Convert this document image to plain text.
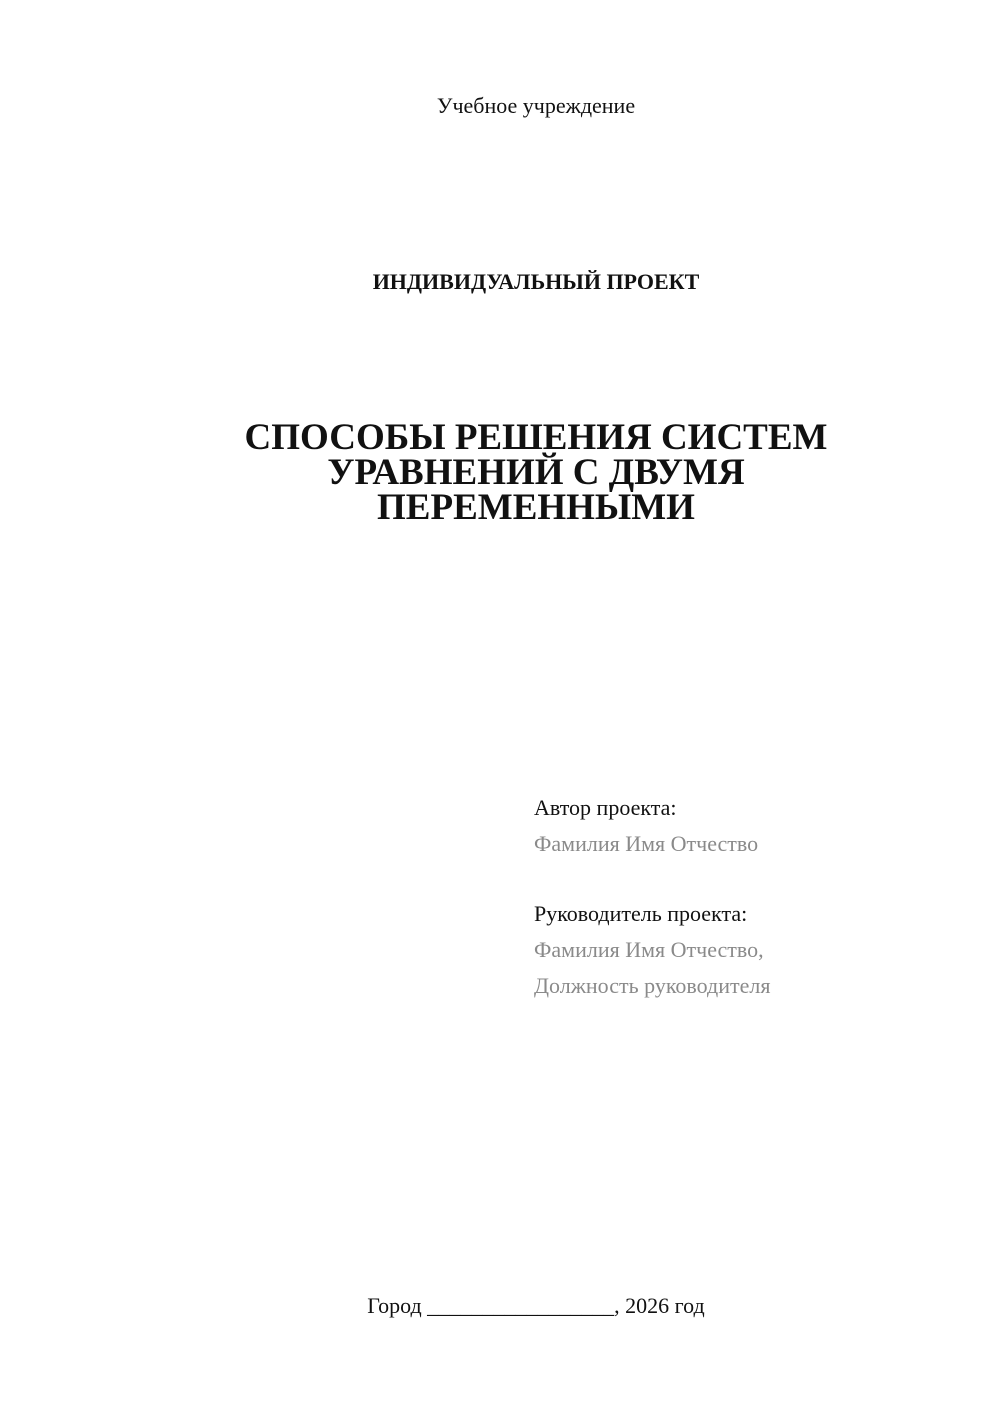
Учебное учреждение
ИНДИВИДУАЛЬНЫЙ ПРОЕКТ
СПОСОБЫ РЕШЕНИЯ СИСТЕМ
УРАВНЕНИЙ С ДВУМЯ
ПЕРЕМЕННЫМИ
Автор проекта:
Фамилия Имя Отчество
Руководитель проекта:
Фамилия Имя Отчество,
Должность руководителя
Город _________________, 2026 год
